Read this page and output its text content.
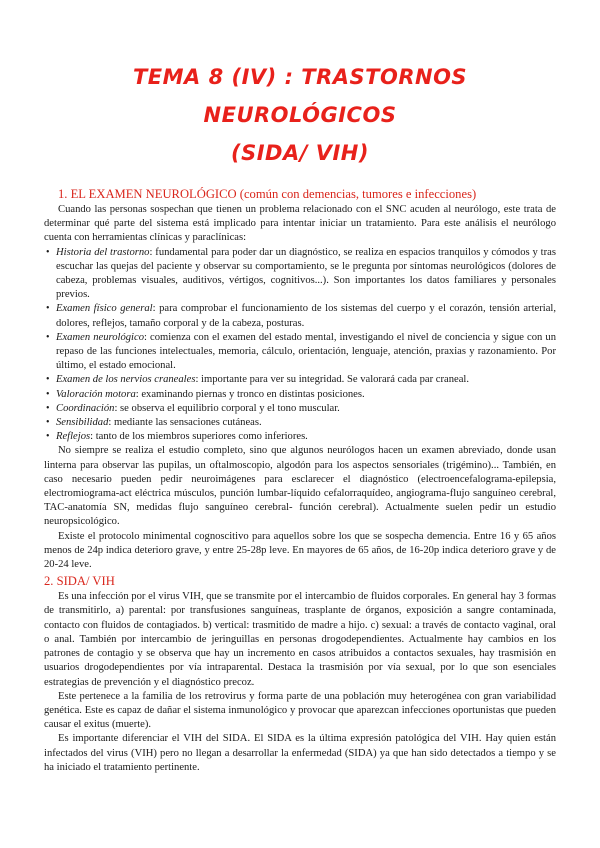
TEMA 8 (IV) : TRASTORNOS NEUROLÓGICOS
(SIDA/ VIH)
1. EL EXAMEN NEUROLÓGICO (común con demencias, tumores e infecciones)

Cuando las personas sospechan que tienen un problema relacionado con el SNC acuden al neurólogo, este trata de determinar qué parte del sistema está implicado para intentar iniciar un tratamiento. Para este análisis el neurólogo cuenta con herramientas clínicas y paraclínicas:

• Historia del trastorno: fundamental para poder dar un diagnóstico, se realiza en espacios tranquilos y cómodos y tras escuchar las quejas del paciente y observar su comportamiento, se le pregunta por síntomas neurológicos (dolores de cabeza, problemas visuales, auditivos, vértigos, cognitivos...). Son importantes los datos familiares y personales previos.
• Examen físico general: para comprobar el funcionamiento de los sistemas del cuerpo y el corazón, tensión arterial, dolores, reflejos, tamaño corporal y de la cabeza, posturas.
• Examen neurológico: comienza con el examen del estado mental, investigando el nivel de conciencia y sigue con un repaso de las funciones intelectuales, memoria, cálculo, orientación, lenguaje, atención, praxias y razonamiento. Por último, el estado emocional.
• Examen de los nervios craneales: importante para ver su integridad. Se valorará cada par craneal.
• Valoración motora: examinando piernas y tronco en distintas posiciones.
• Coordinación: se observa el equilibrio corporal y el tono muscular.
• Sensibilidad: mediante las sensaciones cutáneas.
• Reflejos: tanto de los miembros superiores como inferiores.

No siempre se realiza el estudio completo, sino que algunos neurólogos hacen un examen abreviado, donde usan linterna para observar las pupilas, un oftalmoscopio, algodón para los aspectos sensoriales (trigémino)... También, en caso necesario pueden pedir neuroimágenes para esclarecer el diagnóstico (electroencefalograma-epilepsia, electromiograma-act eléctrica músculos, punción lumbar-líquido cefalorraquídeo, angiograma-flujo sanguíneo cerebral, TAC-anatomía SN, medidas flujo sanguíneo cerebral- función cerebral). Actualmente suelen pedir un estudio neuropsicológico.

Existe el protocolo minimental cognoscitivo para aquellos sobre los que se sospecha demencia. Entre 16 y 65 años menos de 24p indica deterioro grave, y entre 25-28p leve. En mayores de 65 años, de 16-20p indica deterioro grave y de 20-24 leve.

2. SIDA/ VIH

Es una infección por el virus VIH, que se transmite por el intercambio de fluidos corporales. En general hay 3 formas de transmitirlo, a) parental: por transfusiones sanguíneas, trasplante de órganos, exposición a sangre contaminada, contacto con fluidos de contagiados. b) vertical: trasmitido de madre a hijo. c) sexual: a través de contacto vaginal, oral o anal. También por intercambio de jeringuillas en personas drogodependientes. Actualmente hay cambios en los patrones de contagio y se observa que hay un incremento en casos atribuidos a contactos sexuales, hay trasmisión en usuarios drogodependientes por vía intraparental. Destaca la trasmisión por vía sexual, por lo que son esenciales estrategias de prevención y el diagnóstico precoz.

Este pertenece a la familia de los retrovirus y forma parte de una población muy heterogénea con gran variabilidad genética. Este es capaz de dañar el sistema inmunológico y provocar que aparezcan infecciones oportunistas que pueden causar el exitus (muerte).

Es importante diferenciar el VIH del SIDA. El SIDA es la última expresión patológica del VIH. Hay quien están infectados del virus (VIH) pero no llegan a desarrollar la enfermedad (SIDA) ya que han sido detectados a tiempo y se ha iniciado el tratamiento pertinente.
